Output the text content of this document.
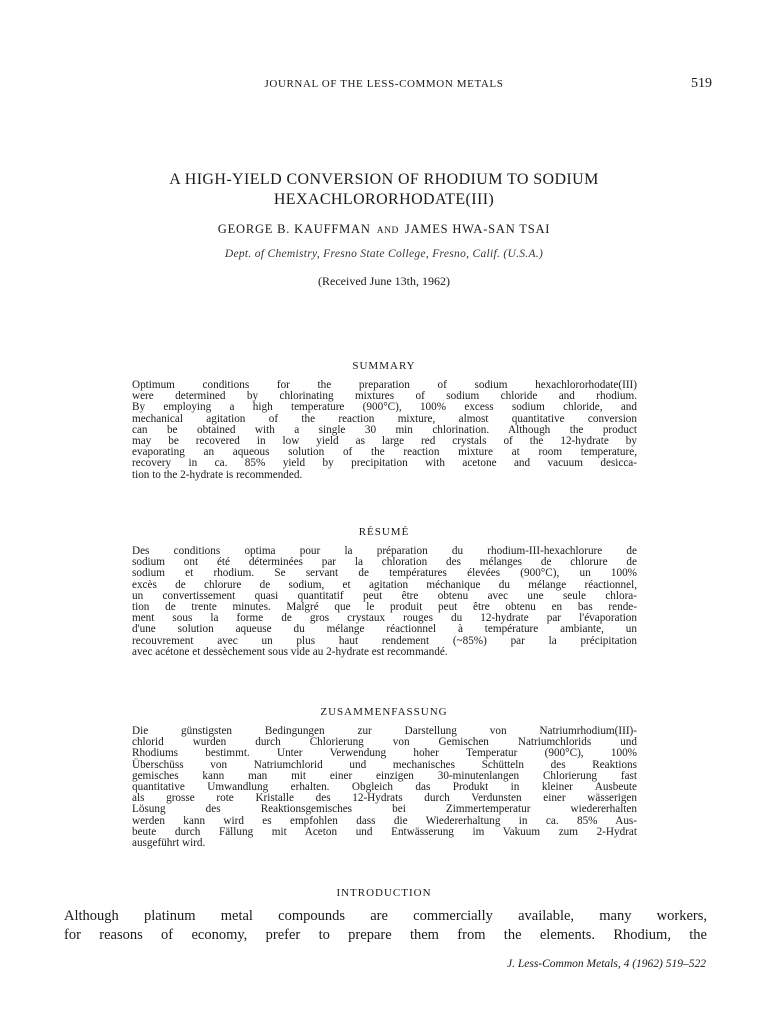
JOURNAL OF THE LESS-COMMON METALS	519
A HIGH-YIELD CONVERSION OF RHODIUM TO SODIUM
HEXACHLORORHODATE(III)
GEORGE B. KAUFFMAN AND JAMES HWA-SAN TSAI
Dept. of Chemistry, Fresno State College, Fresno, Calif. (U.S.A.)
(Received June 13th, 1962)
SUMMARY
Optimum conditions for the preparation of sodium hexachlororhodate(III)
were determined by chlorinating mixtures of sodium chloride and rhodium.
By employing a high temperature (900°C), 100% excess sodium chloride, and
mechanical agitation of the reaction mixture, almost quantitative conversion
can be obtained with a single 30 min chlorination. Although the product
may be recovered in low yield as large red crystals of the 12-hydrate by
evaporating an aqueous solution of the reaction mixture at room temperature,
recovery in ca. 85% yield by precipitation with acetone and vacuum desicca-
tion to the 2-hydrate is recommended.
RÉSUMÉ
Des conditions optima pour la préparation du rhodium-III-hexachlorure de
sodium ont été déterminées par la chloration des mélanges de chlorure de
sodium et rhodium. Se servant de températures élevées (900°C), un 100%
excès de chlorure de sodium, et agitation méchanique du mélange réactionnel,
un convertissement quasi quantitatif peut être obtenu avec une seule chlora-
tion de trente minutes. Malgré que le produit peut être obtenu en bas rende-
ment sous la forme de gros crystaux rouges du 12-hydrate par l'évaporation
d'une solution aqueuse du mélange réactionnel à température ambiante, un
recouvrement avec un plus haut rendement (~85%) par la précipitation
avec acétone et dessèchement sous vide au 2-hydrate est recommandé.
ZUSAMMENFASSUNG
Die günstigsten Bedingungen zur Darstellung von Natriumrhodium(III)-
chlorid wurden durch Chlorierung von Gemischen Natriumchlorids und
Rhodiums bestimmt. Unter Verwendung hoher Temperatur (900°C), 100%
Überschüss von Natriumchlorid und mechanisches Schütteln des Reaktions
gemisches kann man mit einer einzigen 30-minutenlangen Chlorierung fast
quantitative Umwandlung erhalten. Obgleich das Produkt in kleiner Ausbeute
als grosse rote Kristalle des 12-Hydrats durch Verdunsten einer wässerigen
Lösung des Reaktionsgemisches bei Zimmertemperatur wiedererhalten
werden kann wird es empfohlen dass die Wiedererhaltung in ca. 85% Aus-
beute durch Fällung mit Aceton und Entwässerung im Vakuum zum 2-Hydrat
ausgeführt wird.
INTRODUCTION
Although platinum metal compounds are commercially available, many workers,
for reasons of economy, prefer to prepare them from the elements. Rhodium, the
J. Less-Common Metals, 4 (1962) 519–522
